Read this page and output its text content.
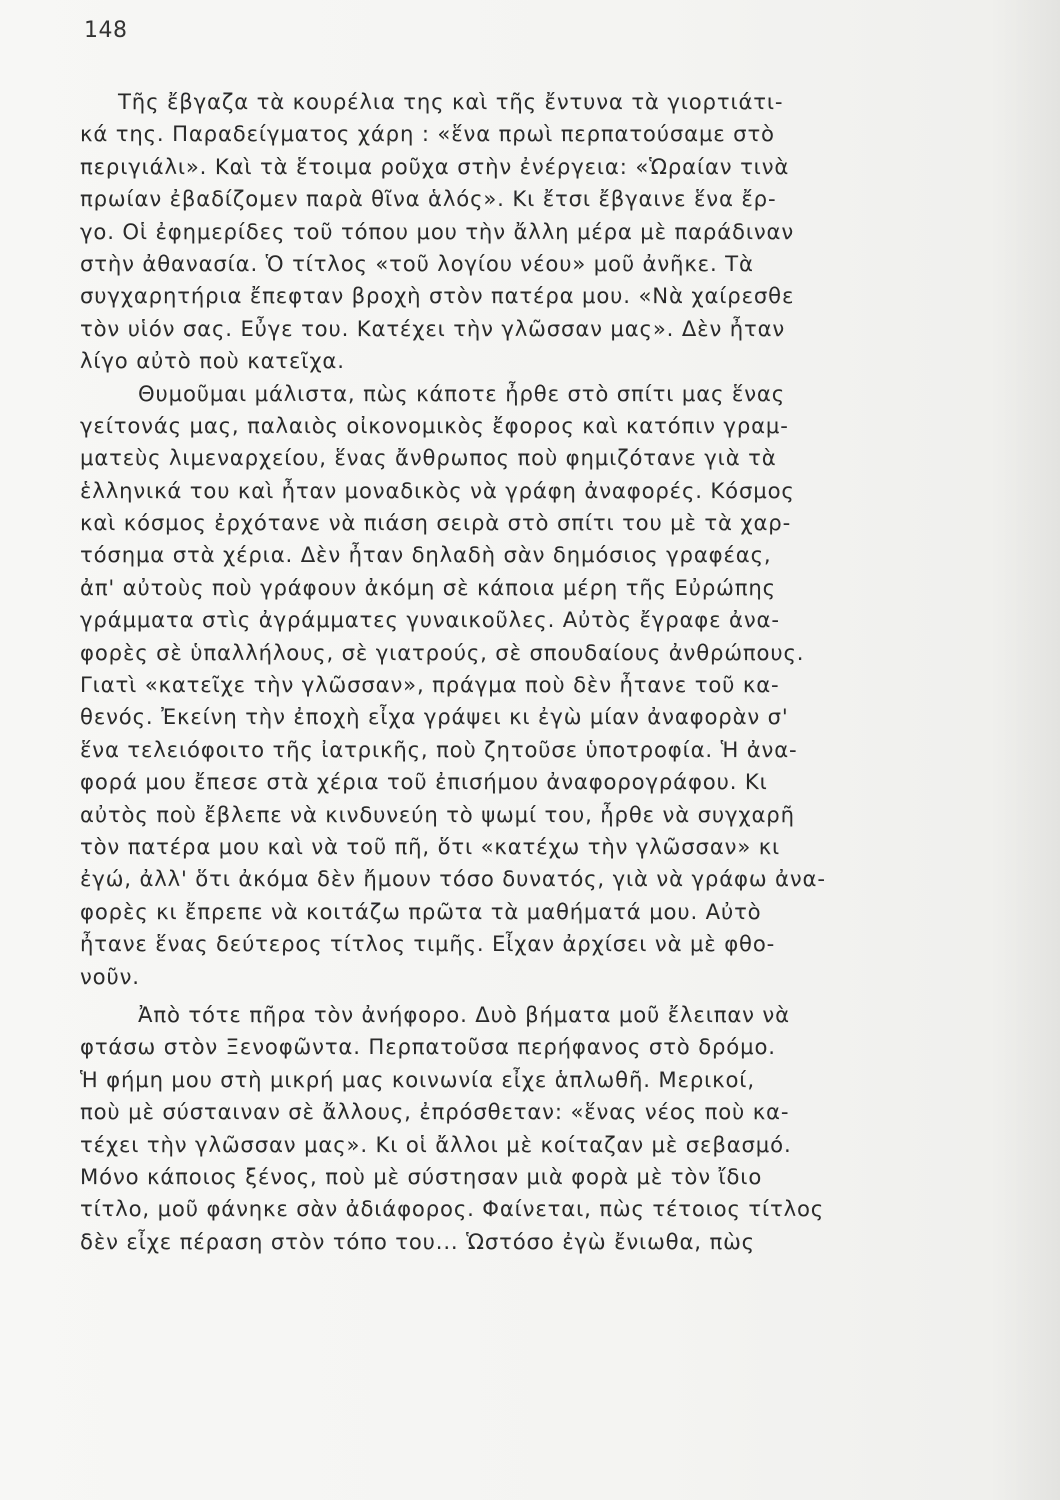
148
Τῆς ἔβγαζα τὰ κουρέλια της καὶ τῆς ἔντυνα τὰ γιορτιάτι-
κά της. Παραδείγματος χάρη : «ἕνα πρωὶ περπατούσαμε στὸ
περιγιάλι». Καὶ τὰ ἕτοιμα ροῦχα στὴν ἐνέργεια: «Ὡραίαν τινὰ
πρωίαν ἐβαδίζομεν παρὰ θῖνα ἁλός». Κι ἔτσι ἔβγαινε ἕνα ἔρ-
γο. Οἱ ἐφημερίδες τοῦ τόπου μου τὴν ἄλλη μέρα μὲ παράδιναν
στὴν ἀθανασία. Ὁ τίτλος «τοῦ λογίου νέου» μοῦ ἀνῆκε. Τὰ
συγχαρητήρια ἔπεφταν βροχὴ στὸν πατέρα μου. «Νὰ χαίρεσθε
τὸν υἱόν σας. Εὖγε του. Κατέχει τὴν γλῶσσαν μας». Δὲν ἦταν
λίγο αὐτὸ ποὺ κατεῖχα.
Θυμοῦμαι μάλιστα, πὼς κάποτε ἦρθε στὸ σπίτι μας ἕνας
γείτονάς μας, παλαιὸς οἰκονομικὸς ἔφορος καὶ κατόπιν γραμ-
ματεὺς λιμεναρχείου, ἕνας ἄνθρωπος ποὺ φημιζότανε γιὰ τὰ
ἑλληνικά του καὶ ἦταν μοναδικὸς νὰ γράφη ἀναφορές. Κόσμος
καὶ κόσμος ἐρχότανε νὰ πιάση σειρὰ στὸ σπίτι του μὲ τὰ χαρ-
τόσημα στὰ χέρια. Δὲν ἦταν δηλαδὴ σὰν δημόσιος γραφέας,
ἀπ' αὐτοὺς ποὺ γράφουν ἀκόμη σὲ κάποια μέρη τῆς Εὐρώπης
γράμματα στὶς ἀγράμματες γυναικοῦλες. Αὐτὸς ἔγραφε ἀνα-
φορὲς σὲ ὑπαλλήλους, σὲ γιατρούς, σὲ σπουδαίους ἀνθρώπους.
Γιατὶ «κατεῖχε τὴν γλῶσσαν», πράγμα ποὺ δὲν ἦτανε τοῦ κα-
θενός. Ἐκείνη τὴν ἐποχὴ εἶχα γράψει κι ἐγὼ μίαν ἀναφορὰν σ'
ἕνα τελειόφοιτο τῆς ἰατρικῆς, ποὺ ζητοῦσε ὑποτροφία. Ἡ ἀνα-
φορά μου ἔπεσε στὰ χέρια τοῦ ἐπισήμου ἀναφορογράφου. Κι
αὐτὸς ποὺ ἔβλεπε νὰ κινδυνεύη τὸ ψωμί του, ἦρθε νὰ συγχαρῆ
τὸν πατέρα μου καὶ νὰ τοῦ πῆ, ὅτι «κατέχω τὴν γλῶσσαν» κι
ἐγώ, ἀλλ' ὅτι ἀκόμα δὲν ἤμουν τόσο δυνατός, γιὰ νὰ γράφω ἀνα-
φορὲς κι ἔπρεπε νὰ κοιτάζω πρῶτα τὰ μαθήματά μου. Αὐτὸ
ἦτανε ἕνας δεύτερος τίτλος τιμῆς. Εἶχαν ἀρχίσει νὰ μὲ φθο-
νοῦν.
Ἀπὸ τότε πῆρα τὸν ἀνήφορο. Δυὸ βήματα μοῦ ἔλειπαν νὰ
φτάσω στὸν Ξενοφῶντα. Περπατοῦσα περήφανος στὸ δρόμο.
Ἡ φήμη μου στὴ μικρή μας κοινωνία εἶχε ἁπλωθῆ. Μερικοί,
ποὺ μὲ σύσταιναν σὲ ἄλλους, ἐπρόσθεταν: «ἕνας νέος ποὺ κα-
τέχει τὴν γλῶσσαν μας». Κι οἱ ἄλλοι μὲ κοίταζαν μὲ σεβασμό.
Μόνο κάποιος ξένος, ποὺ μὲ σύστησαν μιὰ φορὰ μὲ τὸν ἴδιο
τίτλο, μοῦ φάνηκε σὰν ἀδιάφορος. Φαίνεται, πὼς τέτοιος τίτλος
δὲν εἶχε πέραση στὸν τόπο του... Ὡστόσο ἐγὼ ἔνιωθα, πὼς
